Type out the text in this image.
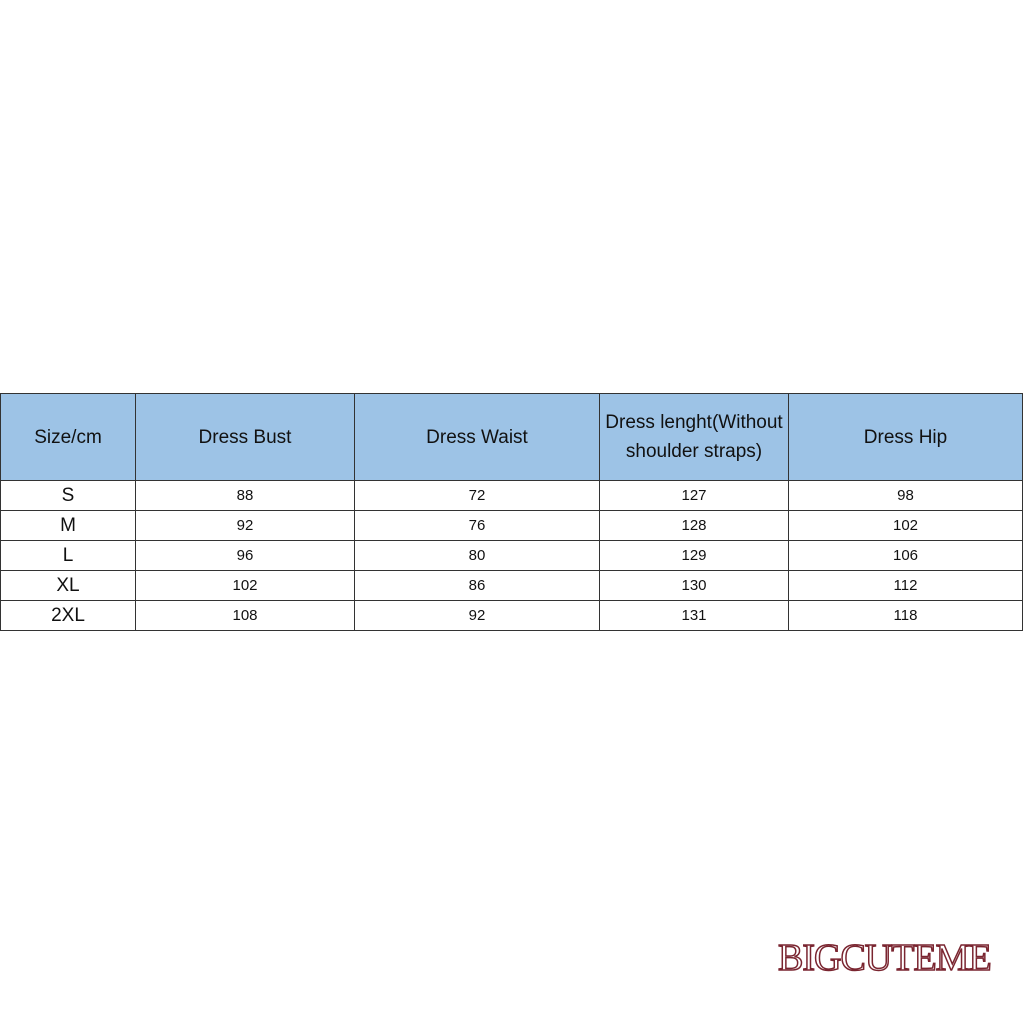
Size/cm	Dress Bust	Dress Waist	Dress lenght(Without shoulder straps)	Dress Hip
S	88	72	127	98
M	92	76	128	102
L	96	80	129	106
XL	102	86	130	112
2XL	108	92	131	118
BIGCUTEME
